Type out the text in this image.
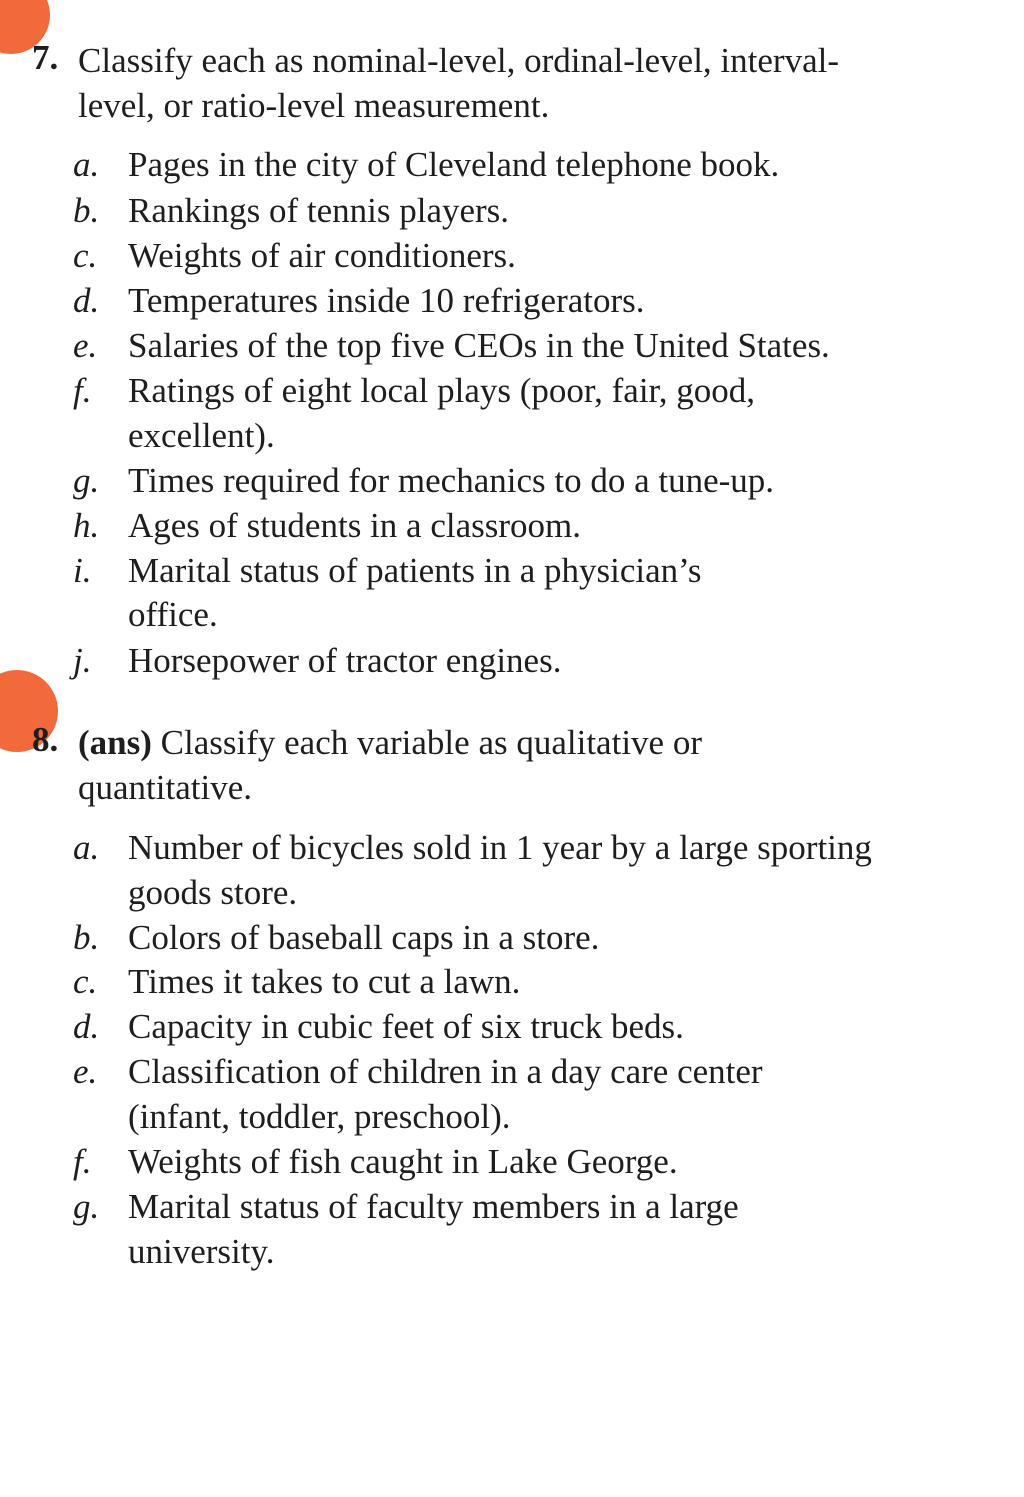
7. Classify each as nominal-level, ordinal-level, interval-
level, or ratio-level measurement.
a. Pages in the city of Cleveland telephone book.
b. Rankings of tennis players.
c. Weights of air conditioners.
d. Temperatures inside 10 refrigerators.
e. Salaries of the top five CEOs in the United States.
f. Ratings of eight local plays (poor, fair, good,
excellent).
g. Times required for mechanics to do a tune-up.
h. Ages of students in a classroom.
i. Marital status of patients in a physician’s
office.
j. Horsepower of tractor engines.
8. (ans) Classify each variable as qualitative or
quantitative.
a. Number of bicycles sold in 1 year by a large sporting
goods store.
b. Colors of baseball caps in a store.
c. Times it takes to cut a lawn.
d. Capacity in cubic feet of six truck beds.
e. Classification of children in a day care center
(infant, toddler, preschool).
f. Weights of fish caught in Lake George.
g. Marital status of faculty members in a large
university.
